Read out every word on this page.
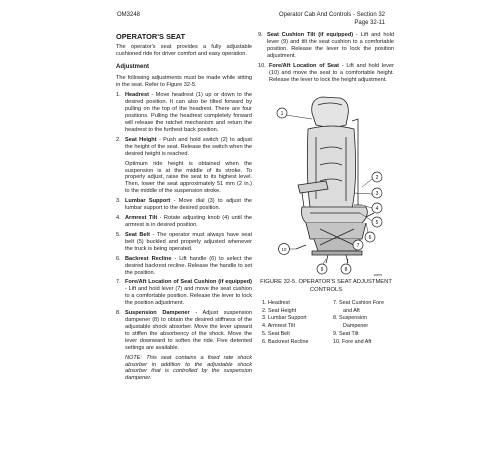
OM3248	Operator Cab And Controls - Section 32
Page 32-11
OPERATOR'S SEAT

The operator's seat provides a fully adjustable cushioned ride for driver comfort and easy operation.

Adjustment

The following adjustments must be made while sitting in the seat. Refer to Figure 32-5.

1. Headrest - Move headrest (1) up or down to the desired position. It can also be tilted forward by pulling on the top of the headrest. There are four positions. Pulling the headrest completely forward will release the ratchet mechanism and return the headrest to the furthest back position.
2. Seat Height - Push and hold switch (2) to adjust the height of the seat. Release the switch when the desired height is reached.
Optimum ride height is obtained when the suspension is at the middle of its stroke. To properly adjust, raise the seat to its highest level. Then, lower the seat approximately 51 mm (2 in.) to the middle of the suspension stroke.
3. Lumbar Support - Move dial (3) to adjust the lumbar support to the desired position.
4. Armrest Tilt - Rotate adjusting knob (4) until the armrest is in desired position.
5. Seat Belt - The operator must always have seat belt (5) buckled and properly adjusted whenever the truck is being operated.
6. Backrest Recline - Lift handle (6) to select the desired backrest recline. Release the handle to set the position.
7. Fore/Aft Location of Seat Cushion (if equipped) - Lift and hold lever (7) and move the seat cushion to a comfortable position. Release the lever to lock the position adjustment.
8. Suspension Dampener - Adjust suspension dampener (8) to obtain the desired stiffness of the adjustable shock absorber. Move the lever upward to stiffen the absorbency of the shock. Move the lever downward to soften the ride. Five detented settings are available.
NOTE: This seat contains a fixed rate shock absorber in addition to the adjustable shock absorber that is controlled by the suspension dampener.
9. Seat Cushion Tilt (if equipped) - Lift and hold lever (9) and tilt the seat cushion to a comfortable position. Release the lever to lock the position adjustment.
10. Fore/Aft Location of Seat - Lift and hold lever (10) and move the seat to a comfortable height. Release the lever to lock the height adjustment.
1
2
3
4
5
6
7
8
9
10
30875
FIGURE 32-5. OPERATOR'S SEAT ADJUSTMENT
CONTROLS
1. Headrest	7. Seat Cushion Fore
2. Seat Height	and Aft
3. Lumbar Support	8. Suspension
4. Armrest Tilt	Dampener
5. Seat Belt	9. Seat Tilt
6. Backrest Recline	10. Fore and Aft
